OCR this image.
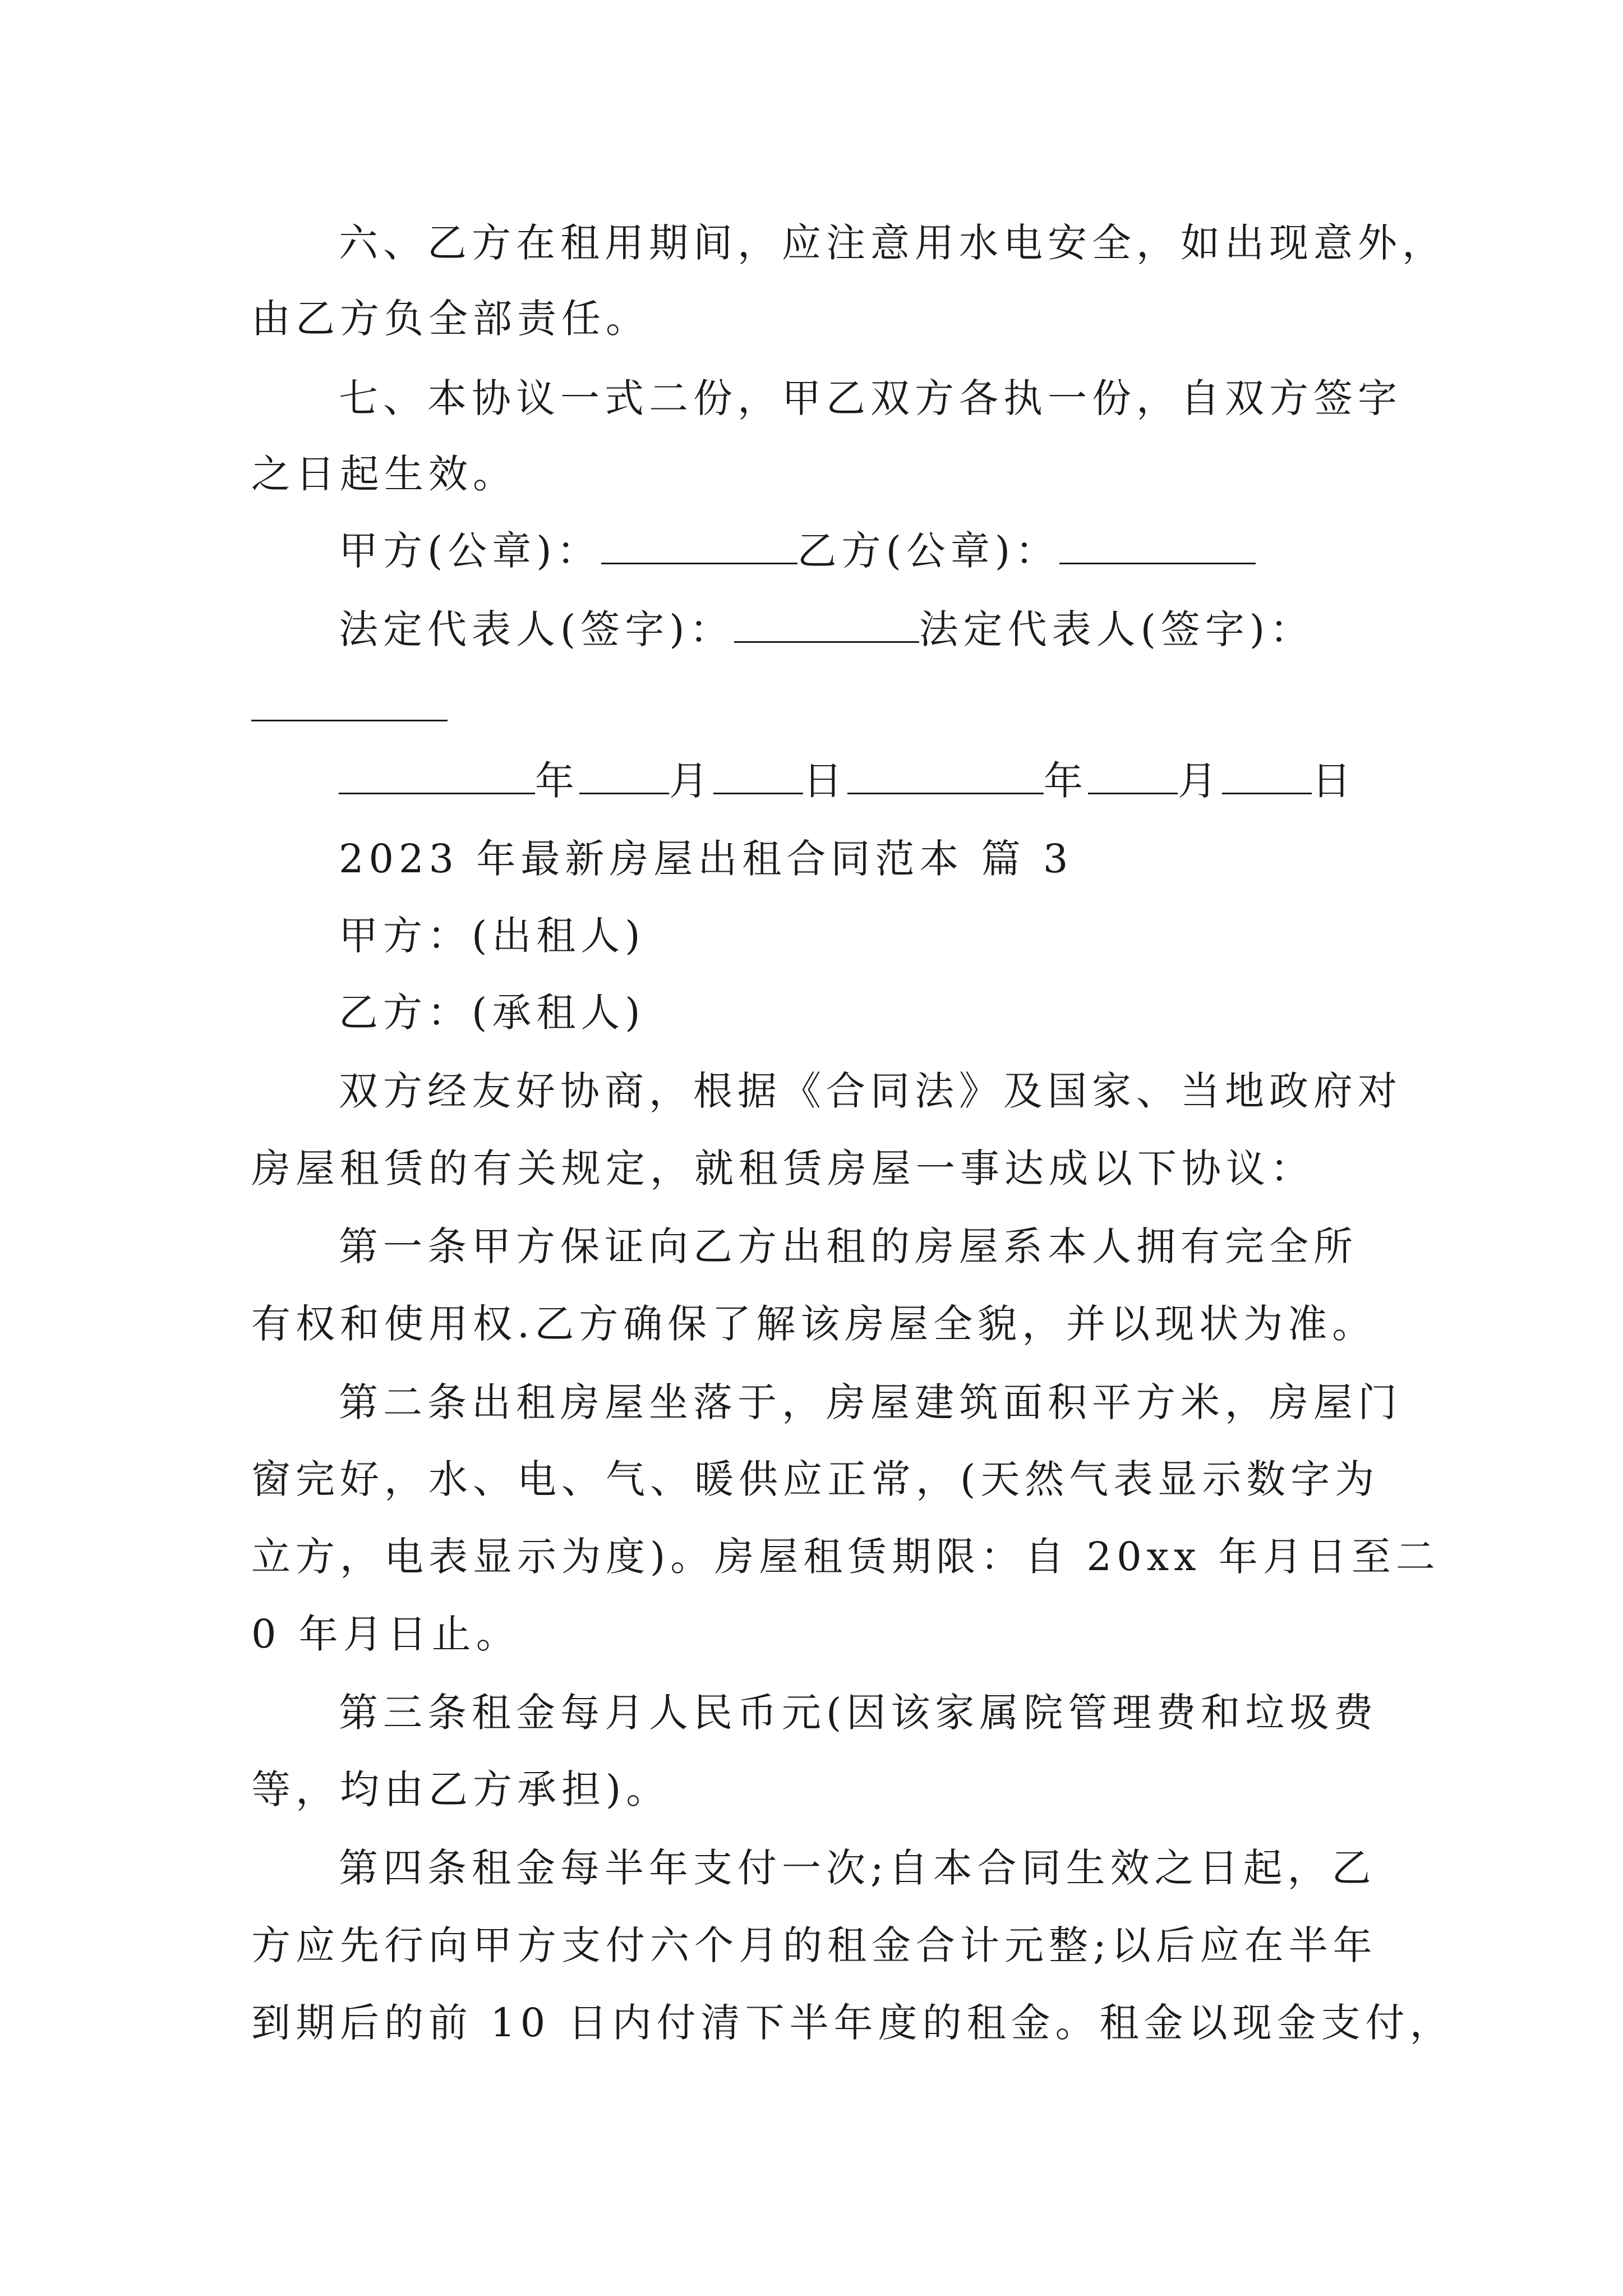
六、乙方在租用期间，应注意用水电安全，如出现意外，
由乙方负全部责任。
七、本协议一式二份，甲乙双方各执一份，自双方签字
之日起生效。
甲方(公章)：	乙方(公章)：
法定代表人(签字)：	法定代表人(签字)：
年 月 日	年 月 日
2023 年最新房屋出租合同范本 篇 3
甲方：(出租人)
乙方：(承租人)
双方经友好协商，根据《合同法》及国家、当地政府对
房屋租赁的有关规定，就租赁房屋一事达成以下协议：
第一条甲方保证向乙方出租的房屋系本人拥有完全所
有权和使用权.乙方确保了解该房屋全貌，并以现状为准。
第二条出租房屋坐落于，房屋建筑面积平方米，房屋门
窗完好，水、电、气、暖供应正常，(天然气表显示数字为
立方，电表显示为度)。房屋租赁期限：自 20xx 年月日至二
0 年月日止。
第三条租金每月人民币元(因该家属院管理费和垃圾费
等，均由乙方承担)。
第四条租金每半年支付一次;自本合同生效之日起，乙
方应先行向甲方支付六个月的租金合计元整;以后应在半年
到期后的前 10 日内付清下半年度的租金。租金以现金支付，
